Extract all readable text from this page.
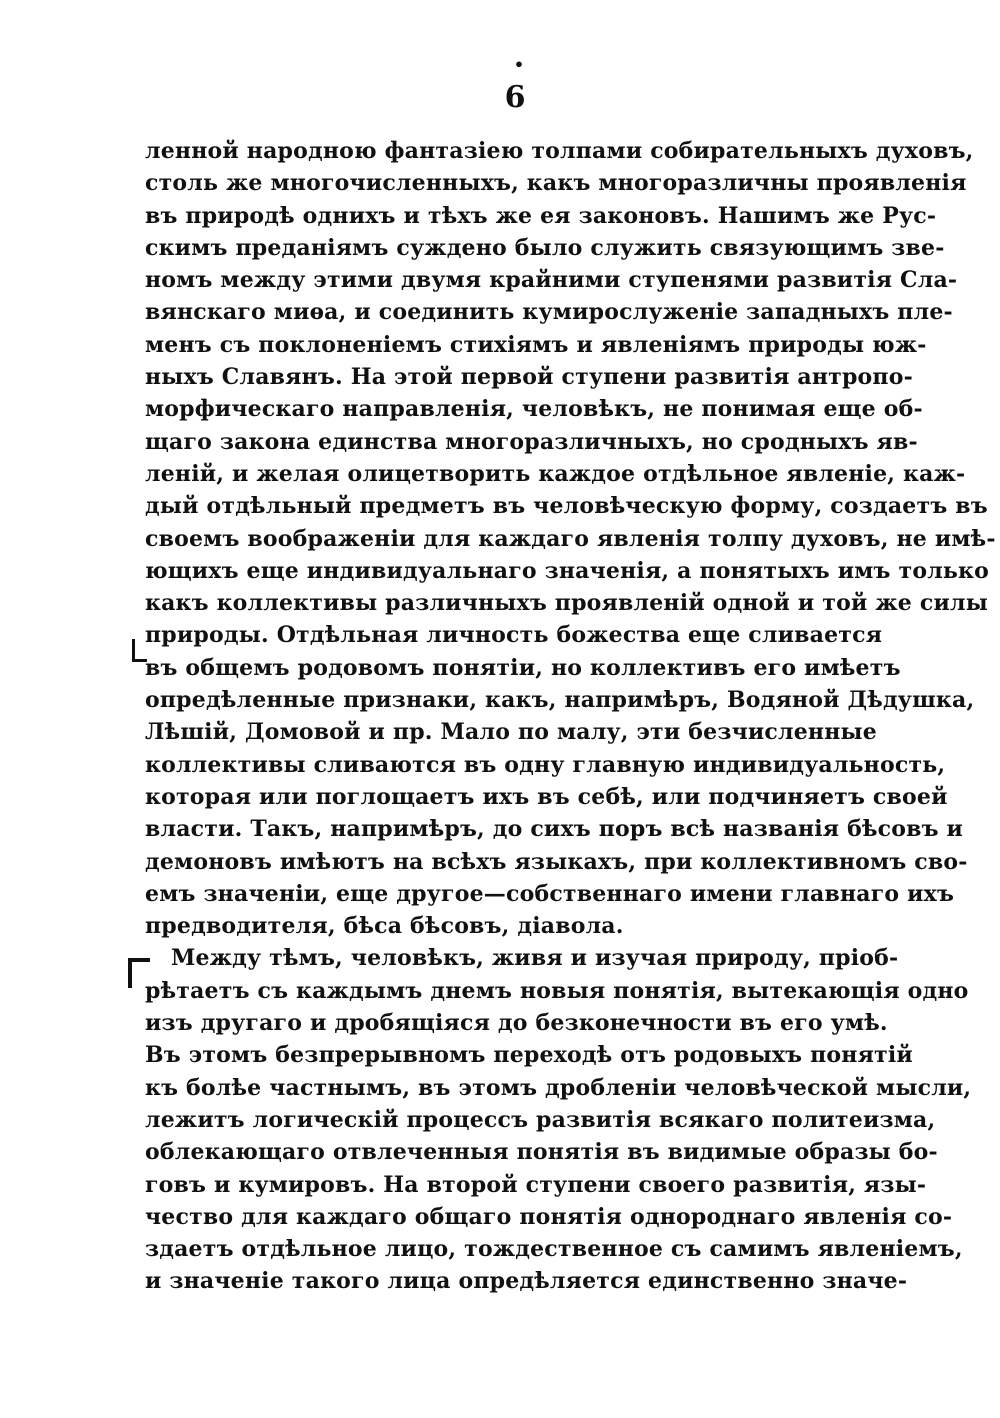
•
6
ленной народною фантазіею толпами собирательныхъ духовъ,
столь же многочисленныхъ, какъ многоразличны проявленія
въ природѣ однихъ и тѣхъ же ея законовъ. Нашимъ же Рус-
скимъ преданіямъ суждено было служить связующимъ зве-
номъ между этими двумя крайними ступенями развитія Сла-
вянскаго миѳа, и соединить кумирослуженіе западныхъ пле-
менъ съ поклоненіемъ стихіямъ и явленіямъ природы юж-
ныхъ Славянъ. На этой первой ступени развитія антропо-
морфическаго направленія, человѣкъ, не понимая еще об-
щаго закона единства многоразличныхъ, но сродныхъ яв-
леній, и желая олицетворить каждое отдѣльное явленіе, каж-
дый отдѣльный предметъ въ человѣческую форму, создаетъ въ
своемъ воображеніи для каждаго явленія толпу духовъ, не имѣ-
ющихъ еще индивидуальнаго значенія, а понятыхъ имъ только
какъ коллективы различныхъ проявленій одной и той же силы
природы. Отдѣльная личность божества еще сливается
въ общемъ родовомъ понятіи, но коллективъ его имѣетъ
опредѣленные признаки, какъ, напримѣръ, Водяной Дѣдушка,
Лѣшій, Домовой и пр. Мало по малу, эти безчисленные
коллективы сливаются въ одну главную индивидуальность,
которая или поглощаетъ ихъ въ себѣ, или подчиняетъ своей
власти. Такъ, напримѣръ, до сихъ поръ всѣ названія бѣсовъ и
демоновъ имѣютъ на всѣхъ языкахъ, при коллективномъ сво-
емъ значеніи, еще другое—собственнаго имени главнаго ихъ
предводителя, бѣса бѣсовъ, діавола.
Между тѣмъ, человѣкъ, живя и изучая природу, пріоб-
рѣтаетъ съ каждымъ днемъ новыя понятія, вытекающія одно
изъ другаго и дробящіяся до безконечности въ его умѣ.
Въ этомъ безпрерывномъ переходѣ отъ родовыхъ понятій
къ болѣе частнымъ, въ этомъ дробленіи человѣческой мысли,
лежитъ логическій процессъ развитія всякаго политеизма,
облекающаго отвлеченныя понятія въ видимые образы бо-
говъ и кумировъ. На второй ступени своего развитія, язы-
чество для каждаго общаго понятія однороднаго явленія со-
здаетъ отдѣльное лицо, тождественное съ самимъ явленіемъ,
и значеніе такого лица опредѣляется единственно значе-
